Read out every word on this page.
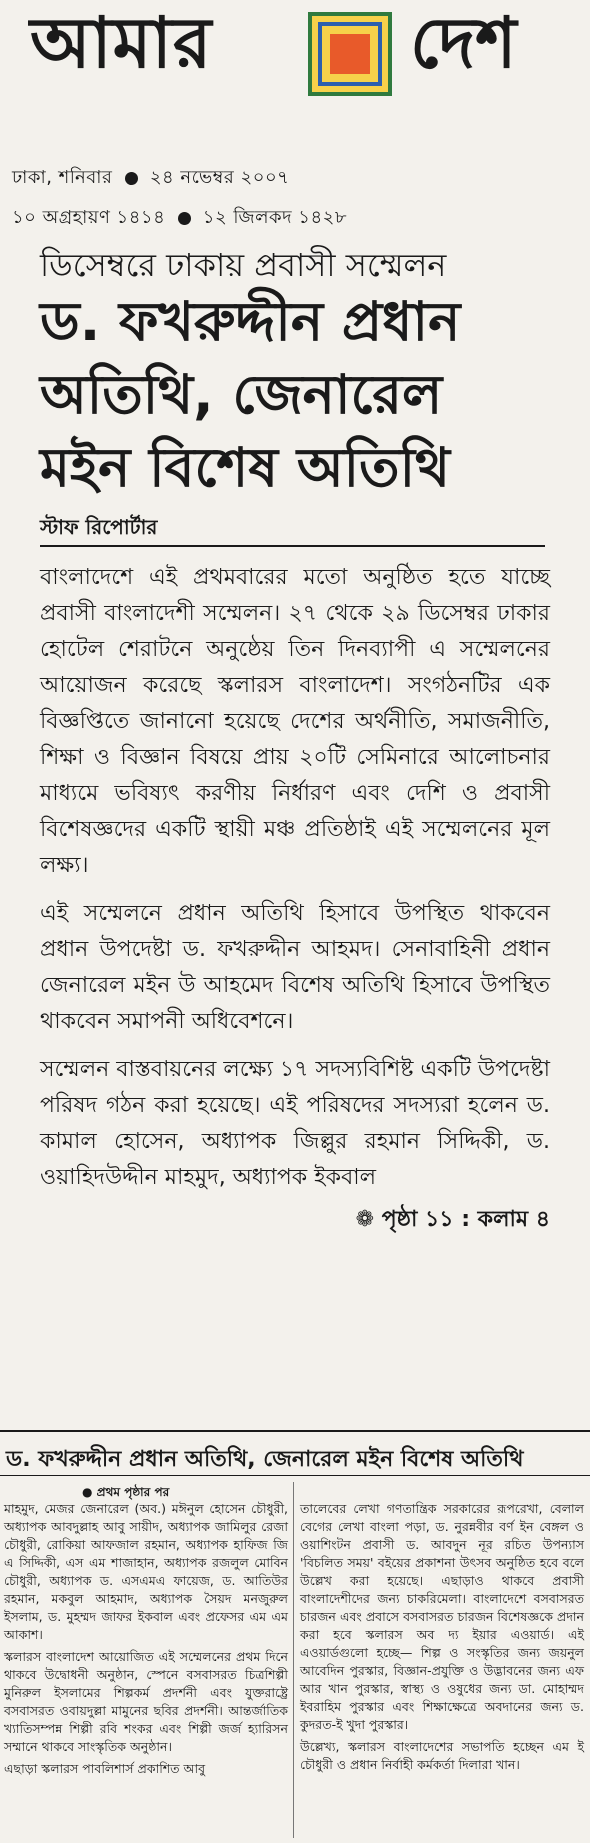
আমার	দেশ
ঢাকা, শনিবার ২৪ নভেম্বর ২০০৭
১০ অগ্রহায়ণ ১৪১৪ ১২ জিলকদ ১৪২৮
ডিসেম্বরে ঢাকায় প্রবাসী সম্মেলন
ড. ফখরুদ্দীন প্রধান
অতিথি, জেনারেল
মইন বিশেষ অতিথি
স্টাফ রিপোর্টার

বাংলাদেশে এই প্রথমবারের মতো অনুষ্ঠিত হতে যাচ্ছে প্রবাসী বাংলাদেশী সম্মেলন। ২৭ থেকে ২৯ ডিসেম্বর ঢাকার হোটেল শেরাটনে অনুষ্ঠেয় তিন দিনব্যাপী এ সম্মেলনের আয়োজন করেছে স্কলারস বাংলাদেশ। সংগঠনটির এক বিজ্ঞপ্তিতে জানানো হয়েছে দেশের অর্থনীতি, সমাজনীতি, শিক্ষা ও বিজ্ঞান বিষয়ে প্রায় ২০টি সেমিনারে আলোচনার মাধ্যমে ভবিষ্যৎ করণীয় নির্ধারণ এবং দেশি ও প্রবাসী বিশেষজ্ঞদের একটি স্থায়ী মঞ্চ প্রতিষ্ঠাই এই সম্মেলনের মূল লক্ষ্য।

এই সম্মেলনে প্রধান অতিথি হিসাবে উপস্থিত থাকবেন প্রধান উপদেষ্টা ড. ফখরুদ্দীন আহমদ। সেনাবাহিনী প্রধান জেনারেল মইন উ আহমেদ বিশেষ অতিথি হিসাবে উপস্থিত থাকবেন সমাপনী অধিবেশনে।

সম্মেলন বাস্তবায়নের লক্ষ্যে ১৭ সদস্যবিশিষ্ট একটি উপদেষ্টা পরিষদ গঠন করা হয়েছে। এই পরিষদের সদস্যরা হলেন ড. কামাল হোসেন, অধ্যাপক জিল্লুর রহমান সিদ্দিকী, ড. ওয়াহিদউদ্দীন মাহমুদ, অধ্যাপক ইকবাল

❁ পৃষ্ঠা ১১ : কলাম ৪
ড. ফখরুদ্দীন প্রধান অতিথি, জেনারেল মইন বিশেষ অতিথি
● প্রথম পৃষ্ঠার পর

মাহমুদ, মেজর জেনারেল (অব.) মঈনুল হোসেন চৌধুরী, অধ্যাপক আবদুল্লাহ আবু সায়ীদ, অধ্যাপক জামিলুর রেজা চৌধুরী, রোকিয়া আফজাল রহমান, অধ্যাপক হাফিজ জি এ সিদ্দিকী, এস এম শাজাহান, অধ্যাপক রজলুল মোবিন চৌধুরী, অধ্যাপক ড. এসএমএ ফায়েজ, ড. আতিউর রহমান, মকবুল আহমাদ, অধ্যাপক সৈয়দ মনজুরুল ইসলাম, ড. মুহম্মদ জাফর ইকবাল এবং প্রফেসর এম এম আকাশ।

স্কলারস বাংলাদেশ আয়োজিত এই সম্মেলনের প্রথম দিনে থাকবে উদ্বোধনী অনুষ্ঠান, স্পেনে বসবাসরত চিত্রশিল্পী মুনিরুল ইসলামের শিল্পকর্ম প্রদর্শনী এবং যুক্তরাষ্ট্রে বসবাসরত ওবায়দুল্লা মামুনের ছবির প্রদর্শনী। আন্তর্জাতিক খ্যাতিসম্পন্ন শিল্পী রবি শংকর এবং শিল্পী জর্জ হ্যারিসন সম্মানে থাকবে সাংস্কৃতিক অনুষ্ঠান।

এছাড়া স্কলারস পাবলিশার্স প্রকাশিত আবু

তালেবের লেখা গণতান্ত্রিক সরকারের রূপরেখা, বেলাল বেগের লেখা বাংলা পড়া, ড. নুরন্নবীর বর্ণ ইন বেঙ্গল ও ওয়াশিংটন প্রবাসী ড. আবদুন নূর রচিত উপন্যাস 'বিচলিত সময়' বইয়ের প্রকাশনা উৎসব অনুষ্ঠিত হবে বলে উল্লেখ করা হয়েছে। এছাড়াও থাকবে প্রবাসী বাংলাদেশীদের জন্য চাকরিমেলা। বাংলাদেশে বসবাসরত চারজন এবং প্রবাসে বসবাসরত চারজন বিশেষজ্ঞকে প্রদান করা হবে স্কলারস অব দ্য ইয়ার এওয়ার্ড। এই এওয়ার্ডগুলো হচ্ছে— শিল্প ও সংস্কৃতির জন্য জয়নুল আবেদিন পুরস্কার, বিজ্ঞান-প্রযুক্তি ও উদ্ভাবনের জন্য এফ আর খান পুরস্কার, স্বাস্থ্য ও ওষুধের জন্য ডা. মোহাম্মদ ইবরাহিম পুরস্কার এবং শিক্ষাক্ষেত্রে অবদানের জন্য ড. কুদরত-ই খুদা পুরস্কার।

উল্লেখ্য, স্কলারস বাংলাদেশের সভাপতি হচ্ছেন এম ই চৌধুরী ও প্রধান নির্বাহী কর্মকর্তা দিলারা খান।
